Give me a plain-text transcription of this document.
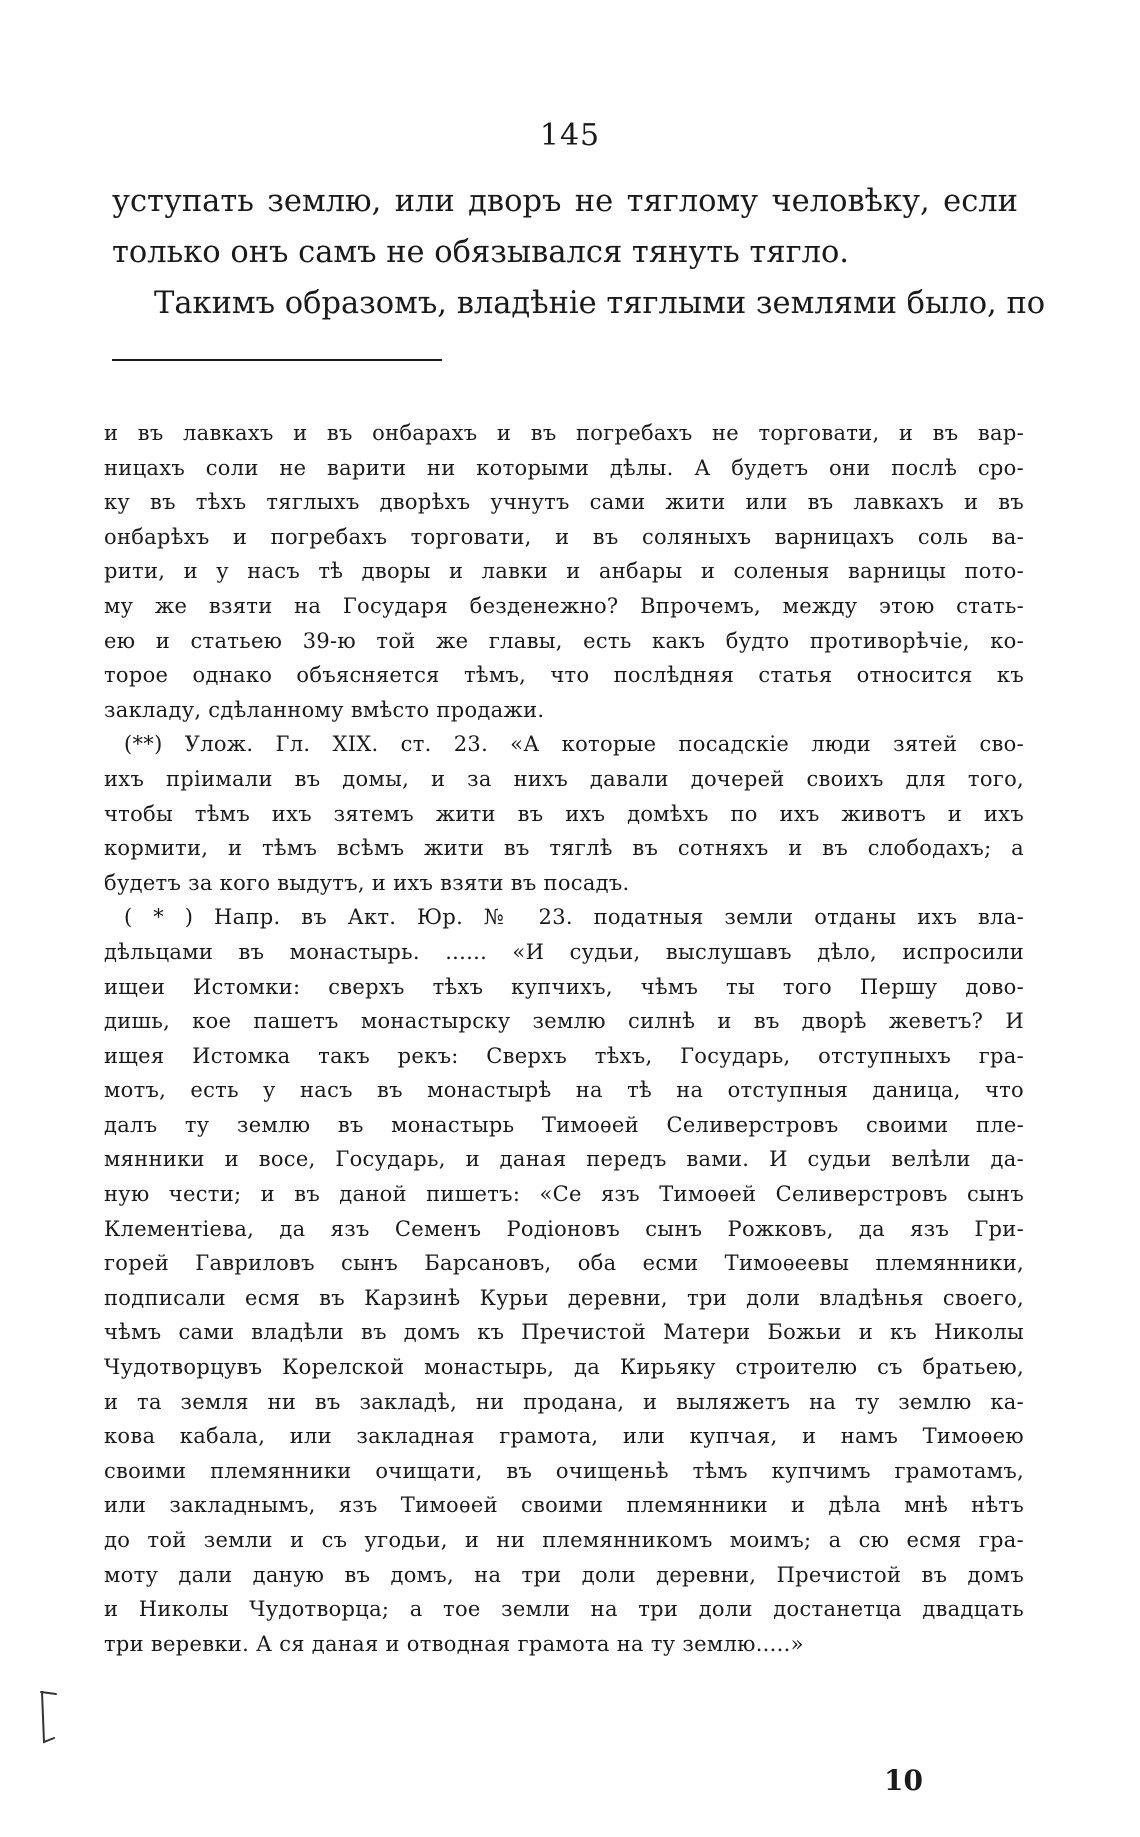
145
уступать землю, или дворъ не тяглому человѣку, если
только онъ самъ не обязывался тянуть тягло.
Такимъ образомъ, владѣніе тяглыми землями было, по
и въ лавкахъ и въ онбарахъ и въ погребахъ не торговати, и въ вар-
ницахъ соли не варити ни которыми дѣлы. А будетъ они послѣ сро-
ку въ тѣхъ тяглыхъ дворѣхъ учнутъ сами жити или въ лавкахъ и въ
онбарѣхъ и погребахъ торговати, и въ соляныхъ варницахъ соль ва-
рити, и у насъ тѣ дворы и лавки и анбары и соленыя варницы пото-
му же взяти на Государя безденежно? Впрочемъ, между этою стать-
ею и статьею 39-ю той же главы, есть какъ будто противорѣчіе, ко-
торое однако объясняется тѣмъ, что послѣдняя статья относится къ
закладу, сдѣланному вмѣсто продажи.
(**) Улож. Гл. XIX. ст. 23. «А которые посадскіе люди зятей сво-
ихъ пріимали въ домы, и за нихъ давали дочерей своихъ для того,
чтобы тѣмъ ихъ зятемъ жити въ ихъ домѣхъ по ихъ животъ и ихъ
кормити, и тѣмъ всѣмъ жити въ тяглѣ въ сотняхъ и въ слободахъ; а
будетъ за кого выдутъ, и ихъ взяти въ посадъ.
( * ) Напр. въ Акт. Юр. № 23. податныя земли отданы ихъ вла-
дѣльцами въ монастырь. ...... «И судьи, выслушавъ дѣло, испросили
ищеи Истомки: сверхъ тѣхъ купчихъ, чѣмъ ты того Першу дово-
дишь, кое пашетъ монастырску землю силнѣ и въ дворѣ жеветъ? И
ищея Истомка такъ рекъ: Сверхъ тѣхъ, Государь, отступныхъ гра-
мотъ, есть у насъ въ монастырѣ на тѣ на отступныя даница, что
далъ ту землю въ монастырь Тимоѳей Селиверстровъ своими пле-
мянники и восе, Государь, и даная передъ вами. И судьи велѣли да-
ную чести; и въ даной пишетъ: «Се язъ Тимоѳей Селиверстровъ сынъ
Клементіева, да язъ Семенъ Родіоновъ сынъ Рожковъ, да язъ Гри-
горей Гавриловъ сынъ Барсановъ, оба есми Тимоѳеевы племянники,
подписали есмя въ Карзинѣ Курьи деревни, три доли владѣнья своего,
чѣмъ сами владѣли въ домъ къ Пречистой Матери Божьи и къ Николы
Чудотворцувъ Корелской монастырь, да Кирьяку строителю съ братьею,
и та земля ни въ закладѣ, ни продана, и выляжетъ на ту землю ка-
кова кабала, или закладная грамота, или купчая, и намъ Тимоѳею
своими племянники очищати, въ очищеньѣ тѣмъ купчимъ грамотамъ,
или закладнымъ, язъ Тимоѳей своими племянники и дѣла мнѣ нѣтъ
до той земли и съ угодьи, и ни племянникомъ моимъ; а сю есмя гра-
моту дали даную въ домъ, на три доли деревни, Пречистой въ домъ
и Николы Чудотворца; а тое земли на три доли достанетца двадцать
три веревки. А ся даная и отводная грамота на ту землю.....»
10
